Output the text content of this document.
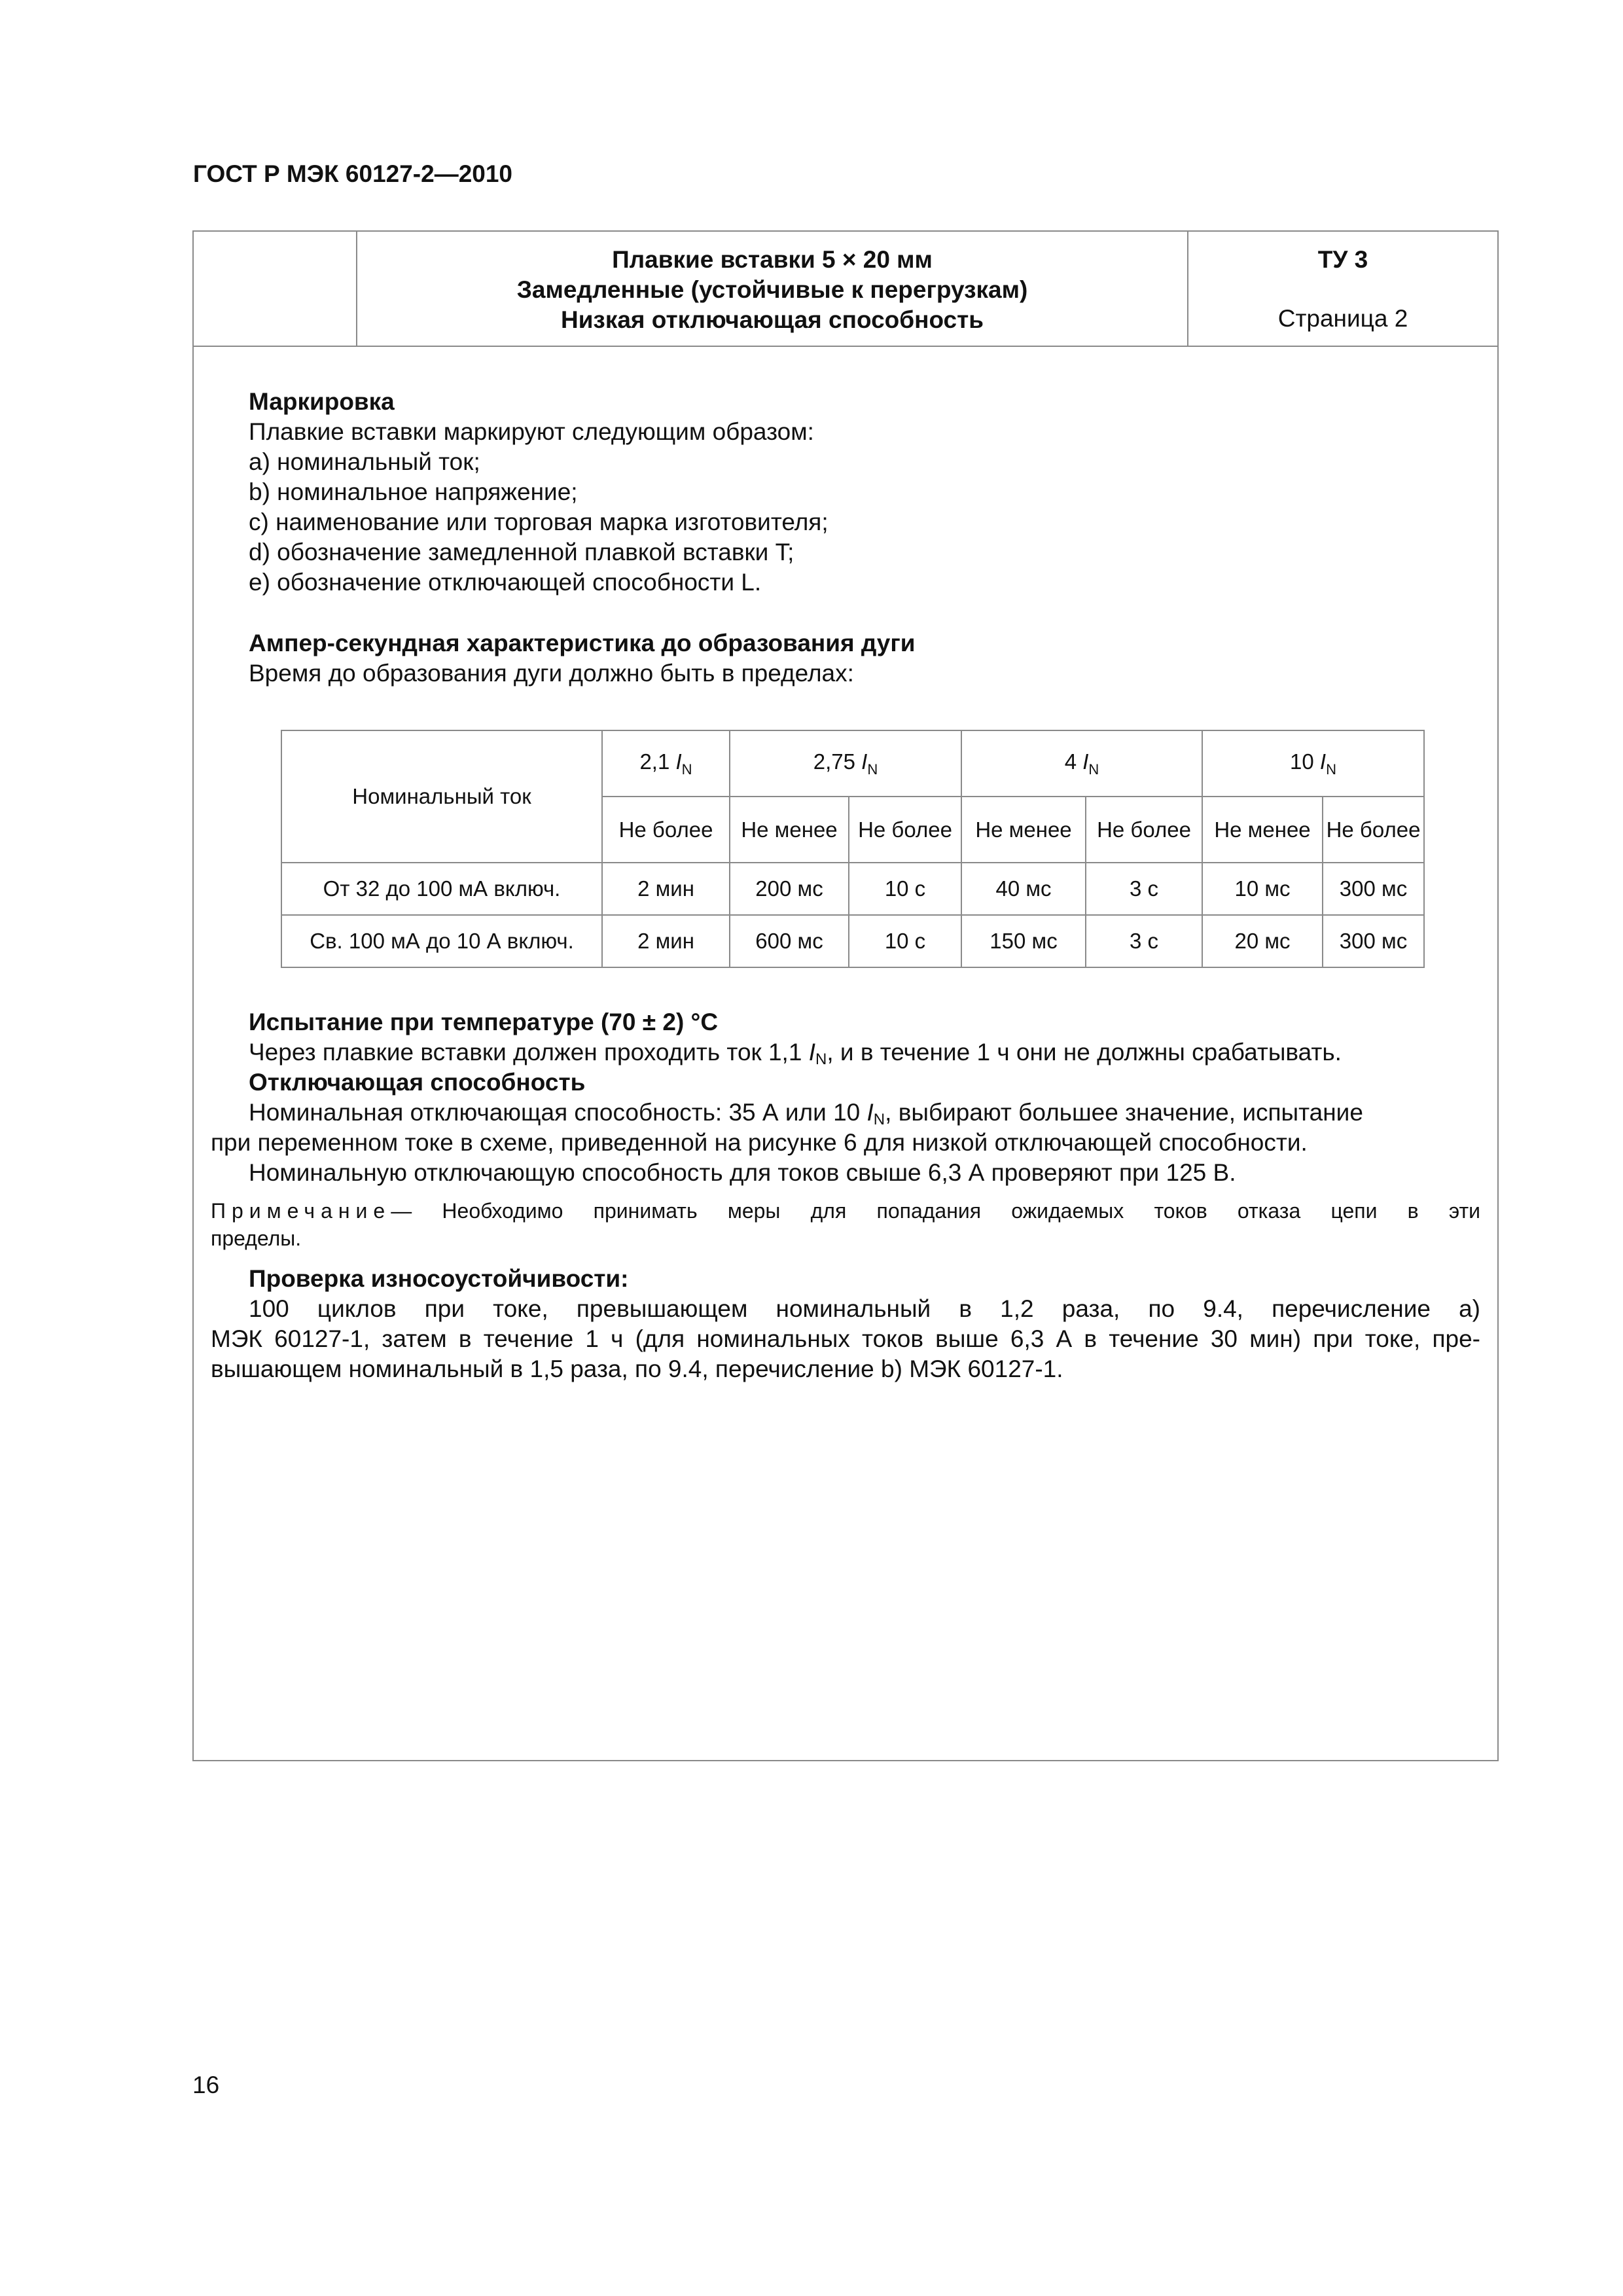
ГОСТ Р МЭК 60127-2—2010
Плавкие вставки 5 × 20 мм
Замедленные (устойчивые к перегрузкам)
Низкая отключающая способность
ТУ 3
Страница 2
Маркировка
Плавкие вставки маркируют следующим образом:
a) номинальный ток;
b) номинальное напряжение;
c) наименование или торговая марка изготовителя;
d) обозначение замедленной плавкой вставки T;
e) обозначение отключающей способности L.
Ампер-секундная характеристика до образования дуги
Время до образования дуги должно быть в пределах:
Номинальный ток	2,1 $I_N$	2,75 $I_N$		4 $I_N$		10 $I_N$
	Не более	Не менее	Не более	Не менее	Не более	Не менее	Не более
От 32 до 100 мА включ.	2 мин	200 мс	10 с	40 мс	3 с	10 мс	300 мс
Св. 100 мА до 10 А включ.	2 мин	600 мс	10 с	150 мс	3 с	20 мс	300 мс
Испытание при температуре (70 ± 2) °С
Через плавкие вставки должен проходить ток 1,1 $I_N$, и в течение 1 ч они не должны срабатывать.
Отключающая способность
Номинальная отключающая способность: 35 А или 10 $I_N$, выбирают большее значение, испытание
при переменном токе в схеме, приведенной на рисунке 6 для низкой отключающей способности.
Номинальную отключающую способность для токов свыше 6,3 А проверяют при 125 В.
Примечание— Необходимо принимать меры для попадания ожидаемых токов отказа цепи в эти
пределы.
Проверка износоустойчивости:
100 циклов при токе, превышающем номинальный в 1,2 раза, по 9.4, перечисление a)
МЭК 60127-1, затем в течение 1 ч (для номинальных токов выше 6,3 А в течение 30 мин) при токе, пре-
вышающем номинальный в 1,5 раза, по 9.4, перечисление b) МЭК 60127-1.
16
